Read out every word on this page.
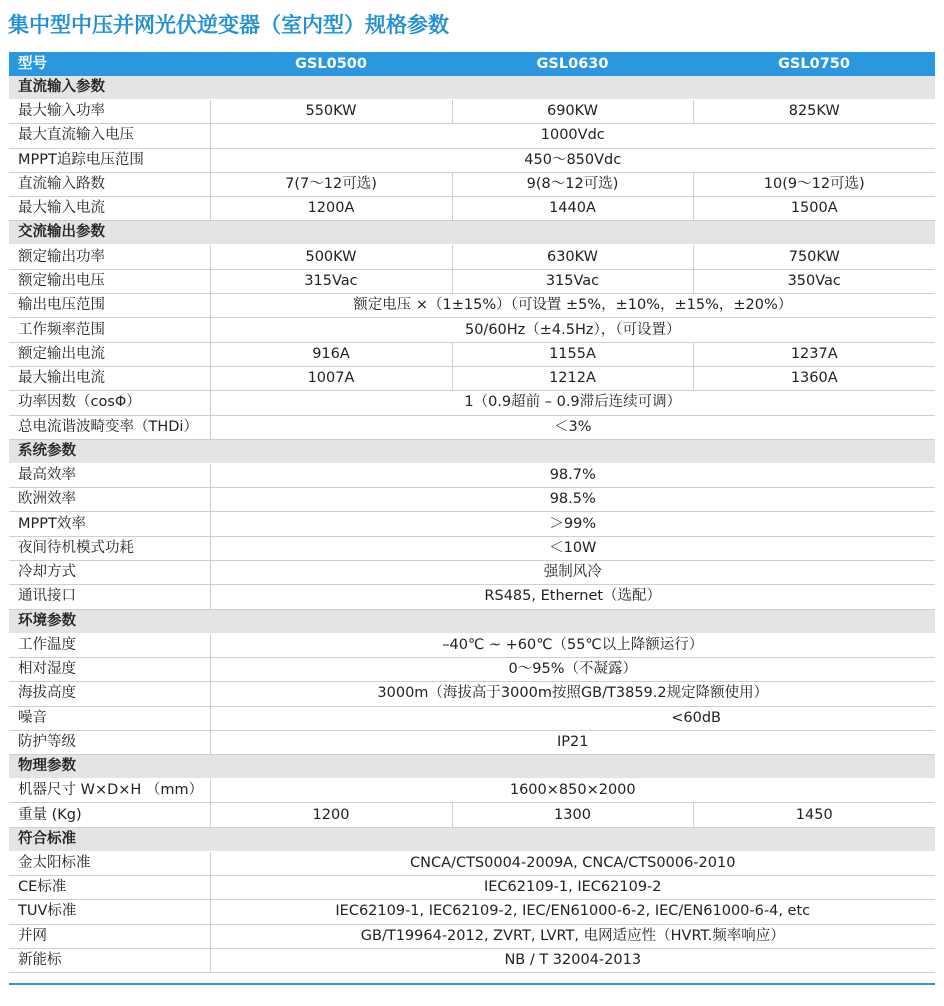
集中型中压并网光伏逆变器（室内型）规格参数
型号	GSL0500	GSL0630	GSL0750
直流输入参数			
最大输入功率	550KW	690KW	825KW
最大直流输入电压	1000Vdc		
MPPT追踪电压范围	450～850Vdc		
直流输入路数	7(7～12可选)	9(8～12可选)	10(9～12可选)
最大输入电流	1200A	1440A	1500A
交流输出参数			
额定输出功率	500KW	630KW	750KW
额定输出电压	315Vac	315Vac	350Vac
输出电压范围	额定电压 ×（1±15%）（可设置 ±5%，±10%，±15%，±20%）		
工作频率范围	50/60Hz（±4.5Hz），（可设置）		
额定输出电流	916A	1155A	1237A
最大输出电流	1007A	1212A	1360A
功率因数（cosΦ）	1（0.9超前 – 0.9滞后连续可调）		
总电流谐波畸变率（THDi）	＜3%		
系统参数			
最高效率	98.7%		
欧洲效率	98.5%		
MPPT效率	＞99%		
夜间待机模式功耗	＜10W		
冷却方式	强制风冷		
通讯接口	RS485, Ethernet（选配）		
环境参数			
工作温度	–40℃ ~ +60℃（55℃以上降额运行）		
相对湿度	0～95%（不凝露）		
海拔高度	3000m（海拔高于3000m按照GB/T3859.2规定降额使用）		
噪音	<60dB		
防护等级	IP21		
物理参数			
机器尺寸 W×D×H （mm）	1600×850×2000		
重量 (Kg)	1200	1300	1450
符合标准			
金太阳标准	CNCA/CTS0004-2009A, CNCA/CTS0006-2010		
CE标准	IEC62109-1, IEC62109-2		
TUV标准	IEC62109-1, IEC62109-2, IEC/EN61000-6-2, IEC/EN61000-6-4, etc		
并网	GB/T19964-2012, ZVRT, LVRT, 电网适应性（HVRT.频率响应）		
新能标	NB / T 32004-2013		
